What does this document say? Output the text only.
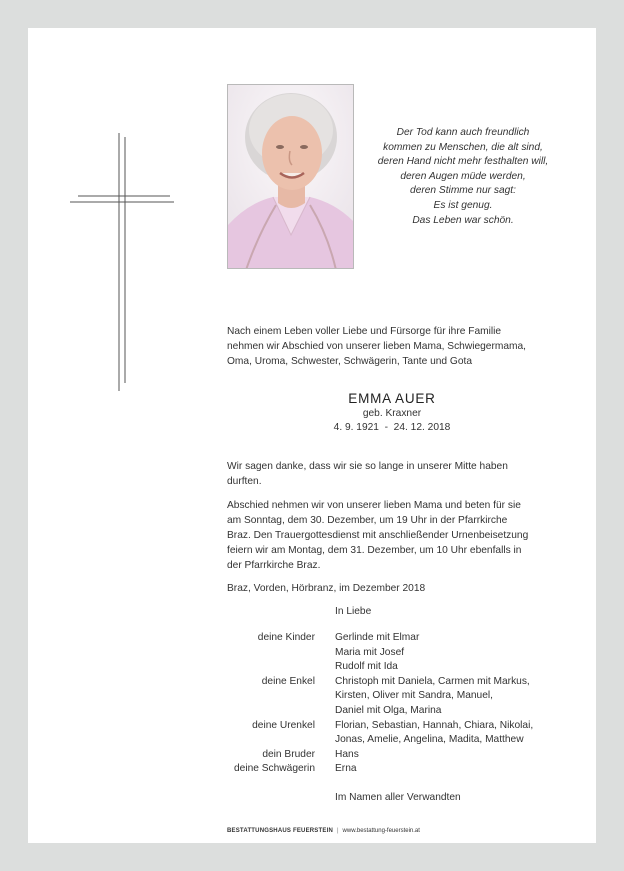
Der Tod kann auch freundlich
kommen zu Menschen, die alt sind,
deren Hand nicht mehr festhalten will,
deren Augen müde werden,
deren Stimme nur sagt:
Es ist genug.
Das Leben war schön.
Nach einem Leben voller Liebe und Fürsorge für ihre Familie
nehmen wir Abschied von unserer lieben Mama, Schwiegermama,
Oma, Uroma, Schwester, Schwägerin, Tante und Gota
EMMA AUER
geb. Kraxner
4. 9. 1921  -  24. 12. 2018
Wir sagen danke, dass wir sie so lange in unserer Mitte haben
durften.
Abschied nehmen wir von unserer lieben Mama und beten für sie
am Sonntag, dem 30. Dezember, um 19 Uhr in der Pfarrkirche
Braz. Den Trauergottesdienst mit anschließender Urnenbeisetzung
feiern wir am Montag, dem 31. Dezember, um 10 Uhr ebenfalls in
der Pfarrkirche Braz.
Braz, Vorden, Hörbranz, im Dezember 2018
In Liebe
deine Kinder Gerlinde mit Elmar
Maria mit Josef
Rudolf mit Ida
deine Enkel Christoph mit Daniela, Carmen mit Markus,
Kirsten, Oliver mit Sandra, Manuel,
Daniel mit Olga, Marina
deine Urenkel Florian, Sebastian, Hannah, Chiara, Nikolai,
Jonas, Amelie, Angelina, Madita, Matthew
dein Bruder Hans
deine Schwägerin Erna
Im Namen aller Verwandten
BESTATTUNGSHAUS FEUERSTEIN | www.bestattung-feuerstein.at
